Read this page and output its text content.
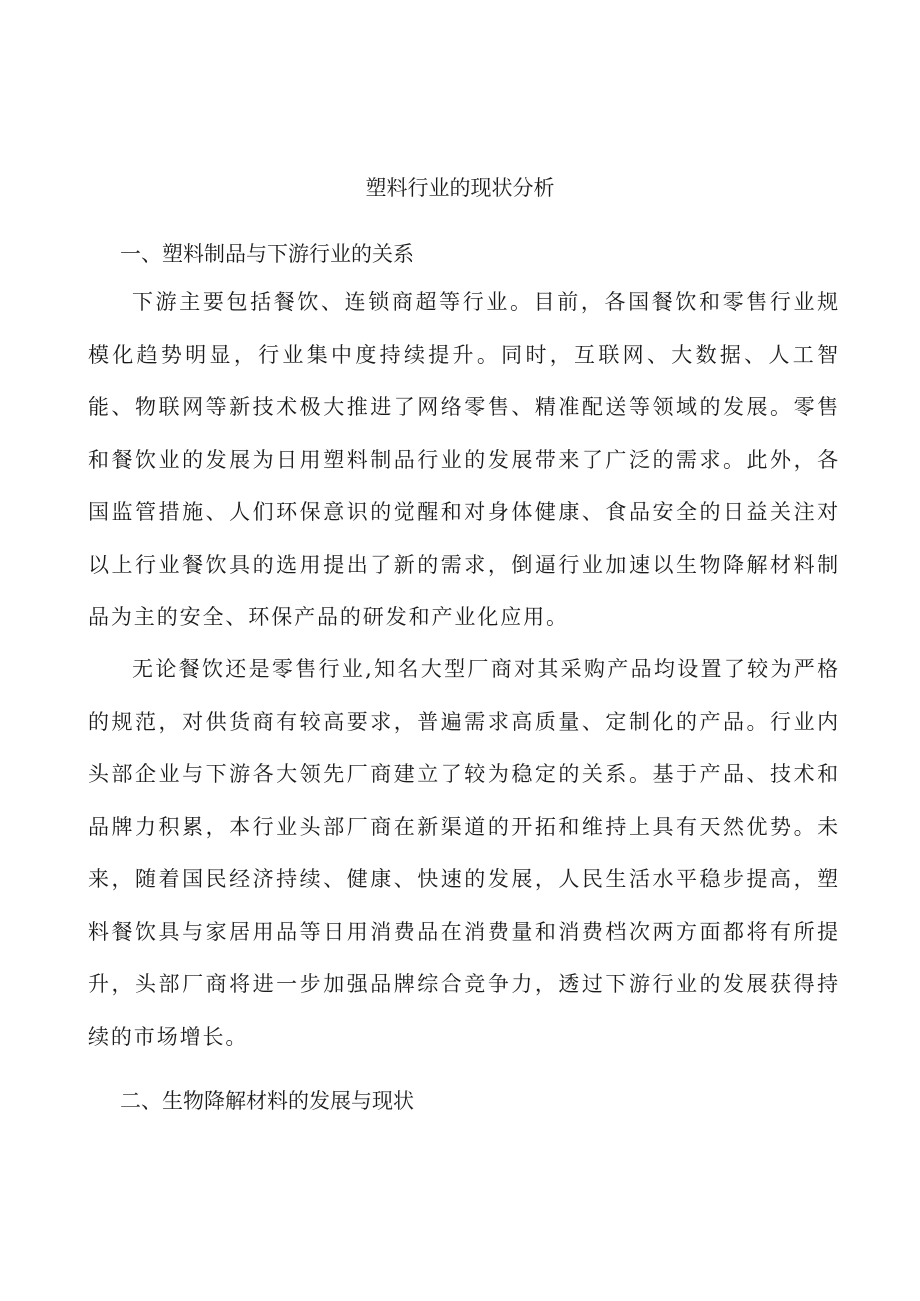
塑料行业的现状分析
一、塑料制品与下游行业的关系

下游主要包括餐饮、连锁商超等行业。目前，各国餐饮和零售行业规模化趋势明显，行业集中度持续提升。同时，互联网、大数据、人工智能、物联网等新技术极大推进了网络零售、精准配送等领域的发展。零售和餐饮业的发展为日用塑料制品行业的发展带来了广泛的需求。此外，各国监管措施、人们环保意识的觉醒和对身体健康、食品安全的日益关注对以上行业餐饮具的选用提出了新的需求，倒逼行业加速以生物降解材料制品为主的安全、环保产品的研发和产业化应用。

无论餐饮还是零售行业,知名大型厂商对其采购产品均设置了较为严格的规范，对供货商有较高要求，普遍需求高质量、定制化的产品。行业内头部企业与下游各大领先厂商建立了较为稳定的关系。基于产品、技术和品牌力积累，本行业头部厂商在新渠道的开拓和维持上具有天然优势。未来，随着国民经济持续、健康、快速的发展，人民生活水平稳步提高，塑料餐饮具与家居用品等日用消费品在消费量和消费档次两方面都将有所提升，头部厂商将进一步加强品牌综合竞争力，透过下游行业的发展获得持续的市场增长。

二、生物降解材料的发展与现状
